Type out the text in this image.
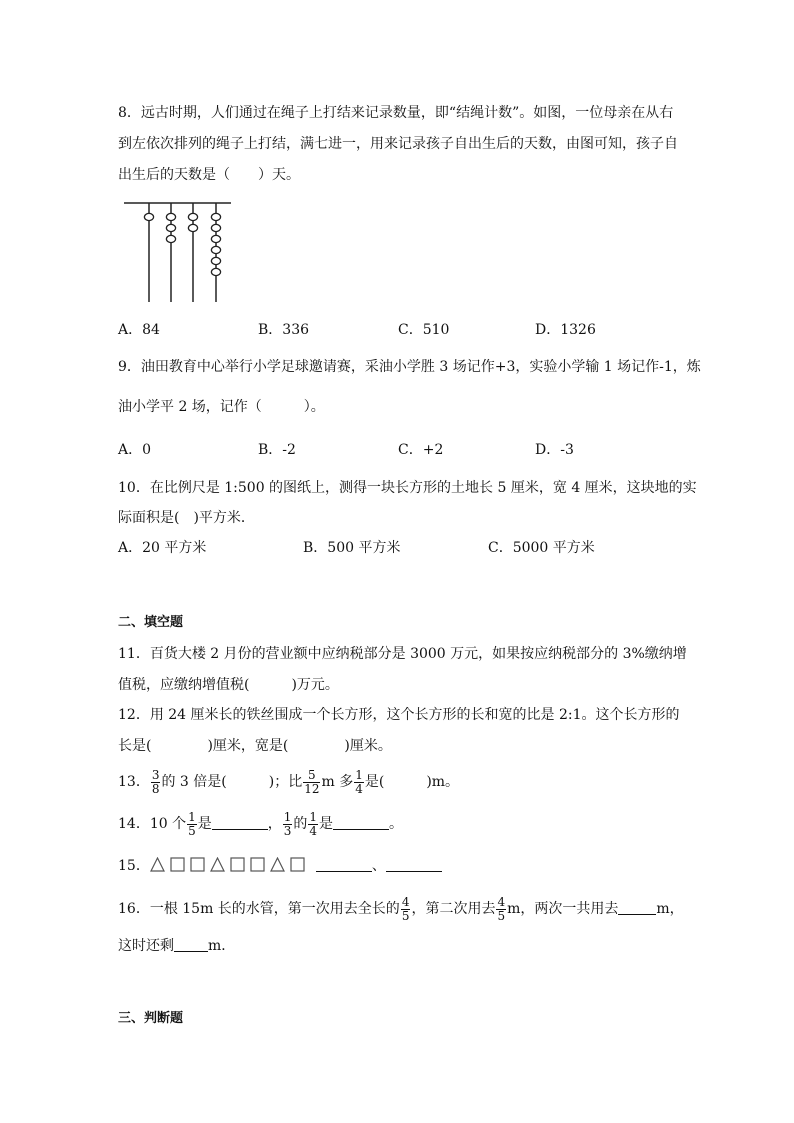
8．远古时期，人们通过在绳子上打结来记录数量，即“结绳计数”。如图，一位母亲在从右
到左依次排列的绳子上打结，满七进一，用来记录孩子自出生后的天数，由图可知，孩子自
出生后的天数是（　　）天。
A．84	B．336	C．510	D．1326
9．油田教育中心举行小学足球邀请赛，采油小学胜 3 场记作+3，实验小学输 1 场记作-1，炼
油小学平 2 场，记作（　　　）。
A．0	B．-2	C．+2	D．-3
10．在比例尺是 1:500 的图纸上，测得一块长方形的土地长 5 厘米，宽 4 厘米，这块地的实
际面积是(　)平方米．
A．20 平方米	B．500 平方米	C．5000 平方米
二、填空题
11．百货大楼 2 月份的营业额中应纳税部分是 3000 万元，如果按应纳税部分的 3%缴纳增
值税，应缴纳增值税(　　　)万元。
12．用 24 厘米长的铁丝围成一个长方形，这个长方形的长和宽的比是 2:1。这个长方形的
长是(　　　　)厘米，宽是(　　　　)厘米。
13． $\frac{3}{8}$ 的 3 倍是(　　　)；比 $\frac{5}{12}$ m 多 $\frac{1}{4}$ 是(　　　)m。
14．10 个 $\frac{1}{5}$ 是	， $\frac{1}{3}$ 的 $\frac{1}{4}$ 是	。
15．	、
16．一根 15m 长的水管，第一次用去全长的 $\frac{4}{5}$ ，第二次用去 $\frac{4}{5}$ m，两次一共用去	m，
这时还剩 m．
三、判断题
